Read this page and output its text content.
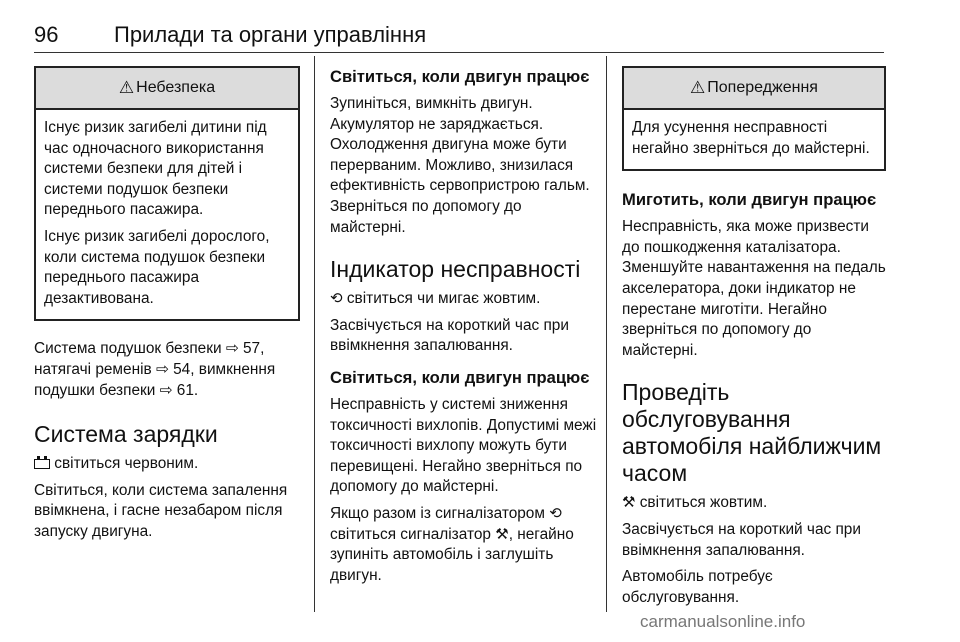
96	Прилади та органи управління
⚠ Небезпека

Існує ризик загибелі дитини під час одночасного використання системи безпеки для дітей і системи подушок безпеки переднього пасажира.

Існує ризик загибелі дорослого, коли система подушок безпеки переднього пасажира дезактивована.

Система подушок безпеки ⇨ 57, натягачі ременів ⇨ 54, вимкнення подушки безпеки ⇨ 61.

Система зарядки

світиться червоним.

Світиться, коли система запалення ввімкнена, і гасне незабаром після запуску двигуна.

Світиться, коли двигун працює

Зупиніться, вимкніть двигун. Акумулятор не заряджається. Охолодження двигуна може бути перерваним. Можливо, знизилася ефективність сервопристрою гальм. Зверніться по допомогу до майстерні.

Індикатор несправності

⟲ світиться чи мигає жовтим.

Засвічується на короткий час при ввімкнення запалювання.

Світиться, коли двигун працює

Несправність у системі зниження токсичності вихлопів. Допустимі межі токсичності вихлопу можуть бути перевищені. Негайно зверніться по допомогу до майстерні.

Якщо разом із сигналізатором ⟲ світиться сигналізатор ⚒, негайно зупиніть автомобіль і заглушіть двигун.

⚠ Попередження

Для усунення несправності негайно зверніться до майстерні.

Миготить, коли двигун працює

Несправність, яка може призвести до пошкодження каталізатора. Зменшуйте навантаження на педаль акселератора, доки індикатор не перестане миготіти. Негайно зверніться по допомогу до майстерні.

Проведіть обслуговування автомобіля найближчим часом

⚒ світиться жовтим.

Засвічується на короткий час при ввімкнення запалювання.

Автомобіль потребує обслуговування.

carmanualsonline.info
